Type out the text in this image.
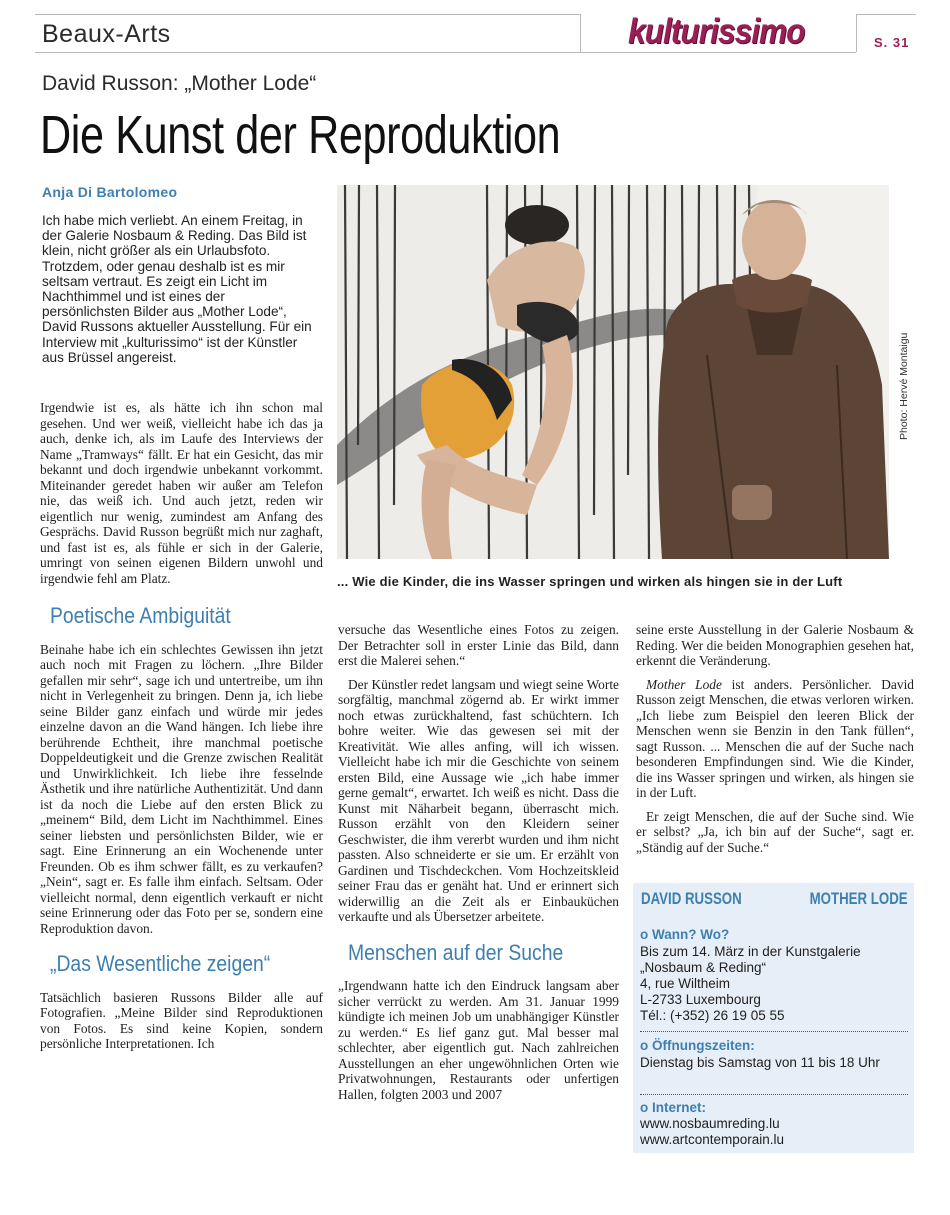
Beaux-Arts	kulturissimo	S. 31
David Russon: „Mother Lode“
Die Kunst der Reproduktion
Anja Di Bartolomeo
Ich habe mich verliebt. An einem Freitag, in der Galerie Nosbaum & Reding. Das Bild ist klein, nicht größer als ein Urlaubsfoto. Trotzdem, oder genau deshalb ist es mir seltsam vertraut. Es zeigt ein Licht im Nachthimmel und ist eines der persönlichsten Bilder aus „Mother Lode“, David Russons aktueller Ausstellung. Für ein Interview mit „kulturissimo“ ist der Künstler aus Brüssel angereist.

Irgendwie ist es, als hätte ich ihn schon mal gesehen. Und wer weiß, vielleicht habe ich das ja auch, denke ich, als im Laufe des Interviews der Name „Tramways“ fällt. Er hat ein Gesicht, das mir bekannt und doch irgendwie unbekannt vorkommt. Miteinander geredet haben wir außer am Telefon nie, das weiß ich. Und auch jetzt, reden wir eigentlich nur wenig, zumindest am Anfang des Gesprächs. David Russon begrüßt mich nur zaghaft, und fast ist es, als fühle er sich in der Galerie, umringt von seinen eigenen Bildern unwohl und irgendwie fehl am Platz.

Poetische Ambiguität

Beinahe habe ich ein schlechtes Gewissen ihn jetzt auch noch mit Fragen zu löchern. „Ihre Bilder gefallen mir sehr“, sage ich und untertreibe, um ihn nicht in Verlegenheit zu bringen. Denn ja, ich liebe seine Bilder ganz einfach und würde mir jedes einzelne davon an die Wand hängen. Ich liebe ihre berührende Echtheit, ihre manchmal poetische Doppeldeutigkeit und die Grenze zwischen Realität und Unwirklichkeit. Ich liebe ihre fesselnde Ästhetik und ihre natürliche Authentizität. Und dann ist da noch die Liebe auf den ersten Blick zu „meinem“ Bild, dem Licht im Nachthimmel. Eines seiner liebsten und persönlichsten Bilder, wie er sagt. Eine Erinnerung an ein Wochenende unter Freunden. Ob es ihm schwer fällt, es zu verkaufen? „Nein“, sagt er. Es falle ihm einfach. Seltsam. Oder vielleicht normal, denn eigentlich verkauft er nicht seine Erinnerung oder das Foto per se, sondern eine Reproduktion davon.

„Das Wesentliche zeigen“

Tatsächlich basieren Russons Bilder alle auf Fotografien. „Meine Bilder sind Reproduktionen von Fotos. Es sind keine Kopien, sondern persönliche Interpretationen. Ich

versuche das Wesentliche eines Fotos zu zeigen. Der Betrachter soll in erster Linie das Bild, dann erst die Malerei sehen.“

Der Künstler redet langsam und wiegt seine Worte sorgfältig, manchmal zögernd ab. Er wirkt immer noch etwas zurückhaltend, fast schüchtern. Ich bohre weiter. Wie das gewesen sei mit der Kreativität. Wie alles anfing, will ich wissen. Vielleicht habe ich mir die Geschichte von seinem ersten Bild, eine Aussage wie „ich habe immer gerne gemalt“, erwartet. Ich weiß es nicht. Dass die Kunst mit Näharbeit begann, überrascht mich. Russon erzählt von den Kleidern seiner Geschwister, die ihm vererbt wurden und ihm nicht passten. Also schneiderte er sie um. Er erzählt von Gardinen und Tischdeckchen. Vom Hochzeitskleid seiner Frau das er genäht hat. Und er erinnert sich widerwillig an die Zeit als er Einbauküchen verkaufte und als Übersetzer arbeitete.

Menschen auf der Suche

„Irgendwann hatte ich den Eindruck langsam aber sicher verrückt zu werden. Am 31. Januar 1999 kündigte ich meinen Job um unabhängiger Künstler zu werden.“ Es lief ganz gut. Mal besser mal schlechter, aber eigentlich gut. Nach zahlreichen Ausstellungen an eher ungewöhnlichen Orten wie Privatwohnungen, Restaurants oder unfertigen Hallen, folgten 2003 und 2007

seine erste Ausstellung in der Galerie Nosbaum & Reding. Wer die beiden Monographien gesehen hat, erkennt die Veränderung.

Mother Lode ist anders. Persönlicher. David Russon zeigt Menschen, die etwas verloren wirken. „Ich liebe zum Beispiel den leeren Blick der Menschen wenn sie Benzin in den Tank füllen“, sagt Russon. ... Menschen die auf der Suche nach besonderen Empfindungen sind. Wie die Kinder, die ins Wasser springen und wirken, als hingen sie in der Luft.

Er zeigt Menschen, die auf der Suche sind. Wie er selbst? „Ja, ich bin auf der Suche“, sagt er. „Ständig auf der Suche.“

Photo: Hervé Montaigu
... Wie die Kinder, die ins Wasser springen und wirken als hingen sie in der Luft
DAVID RUSSON	MOTHER LODE
o Wann? Wo?
Bis zum 14. März in der Kunstgalerie
„Nosbaum & Reding“
4, rue Wiltheim
L-2733 Luxembourg
Tél.: (+352) 26 19 05 55
o Öffnungszeiten:
Dienstag bis Samstag von 11 bis 18 Uhr
o Internet:
www.nosbaumreding.lu
www.artcontemporain.lu
